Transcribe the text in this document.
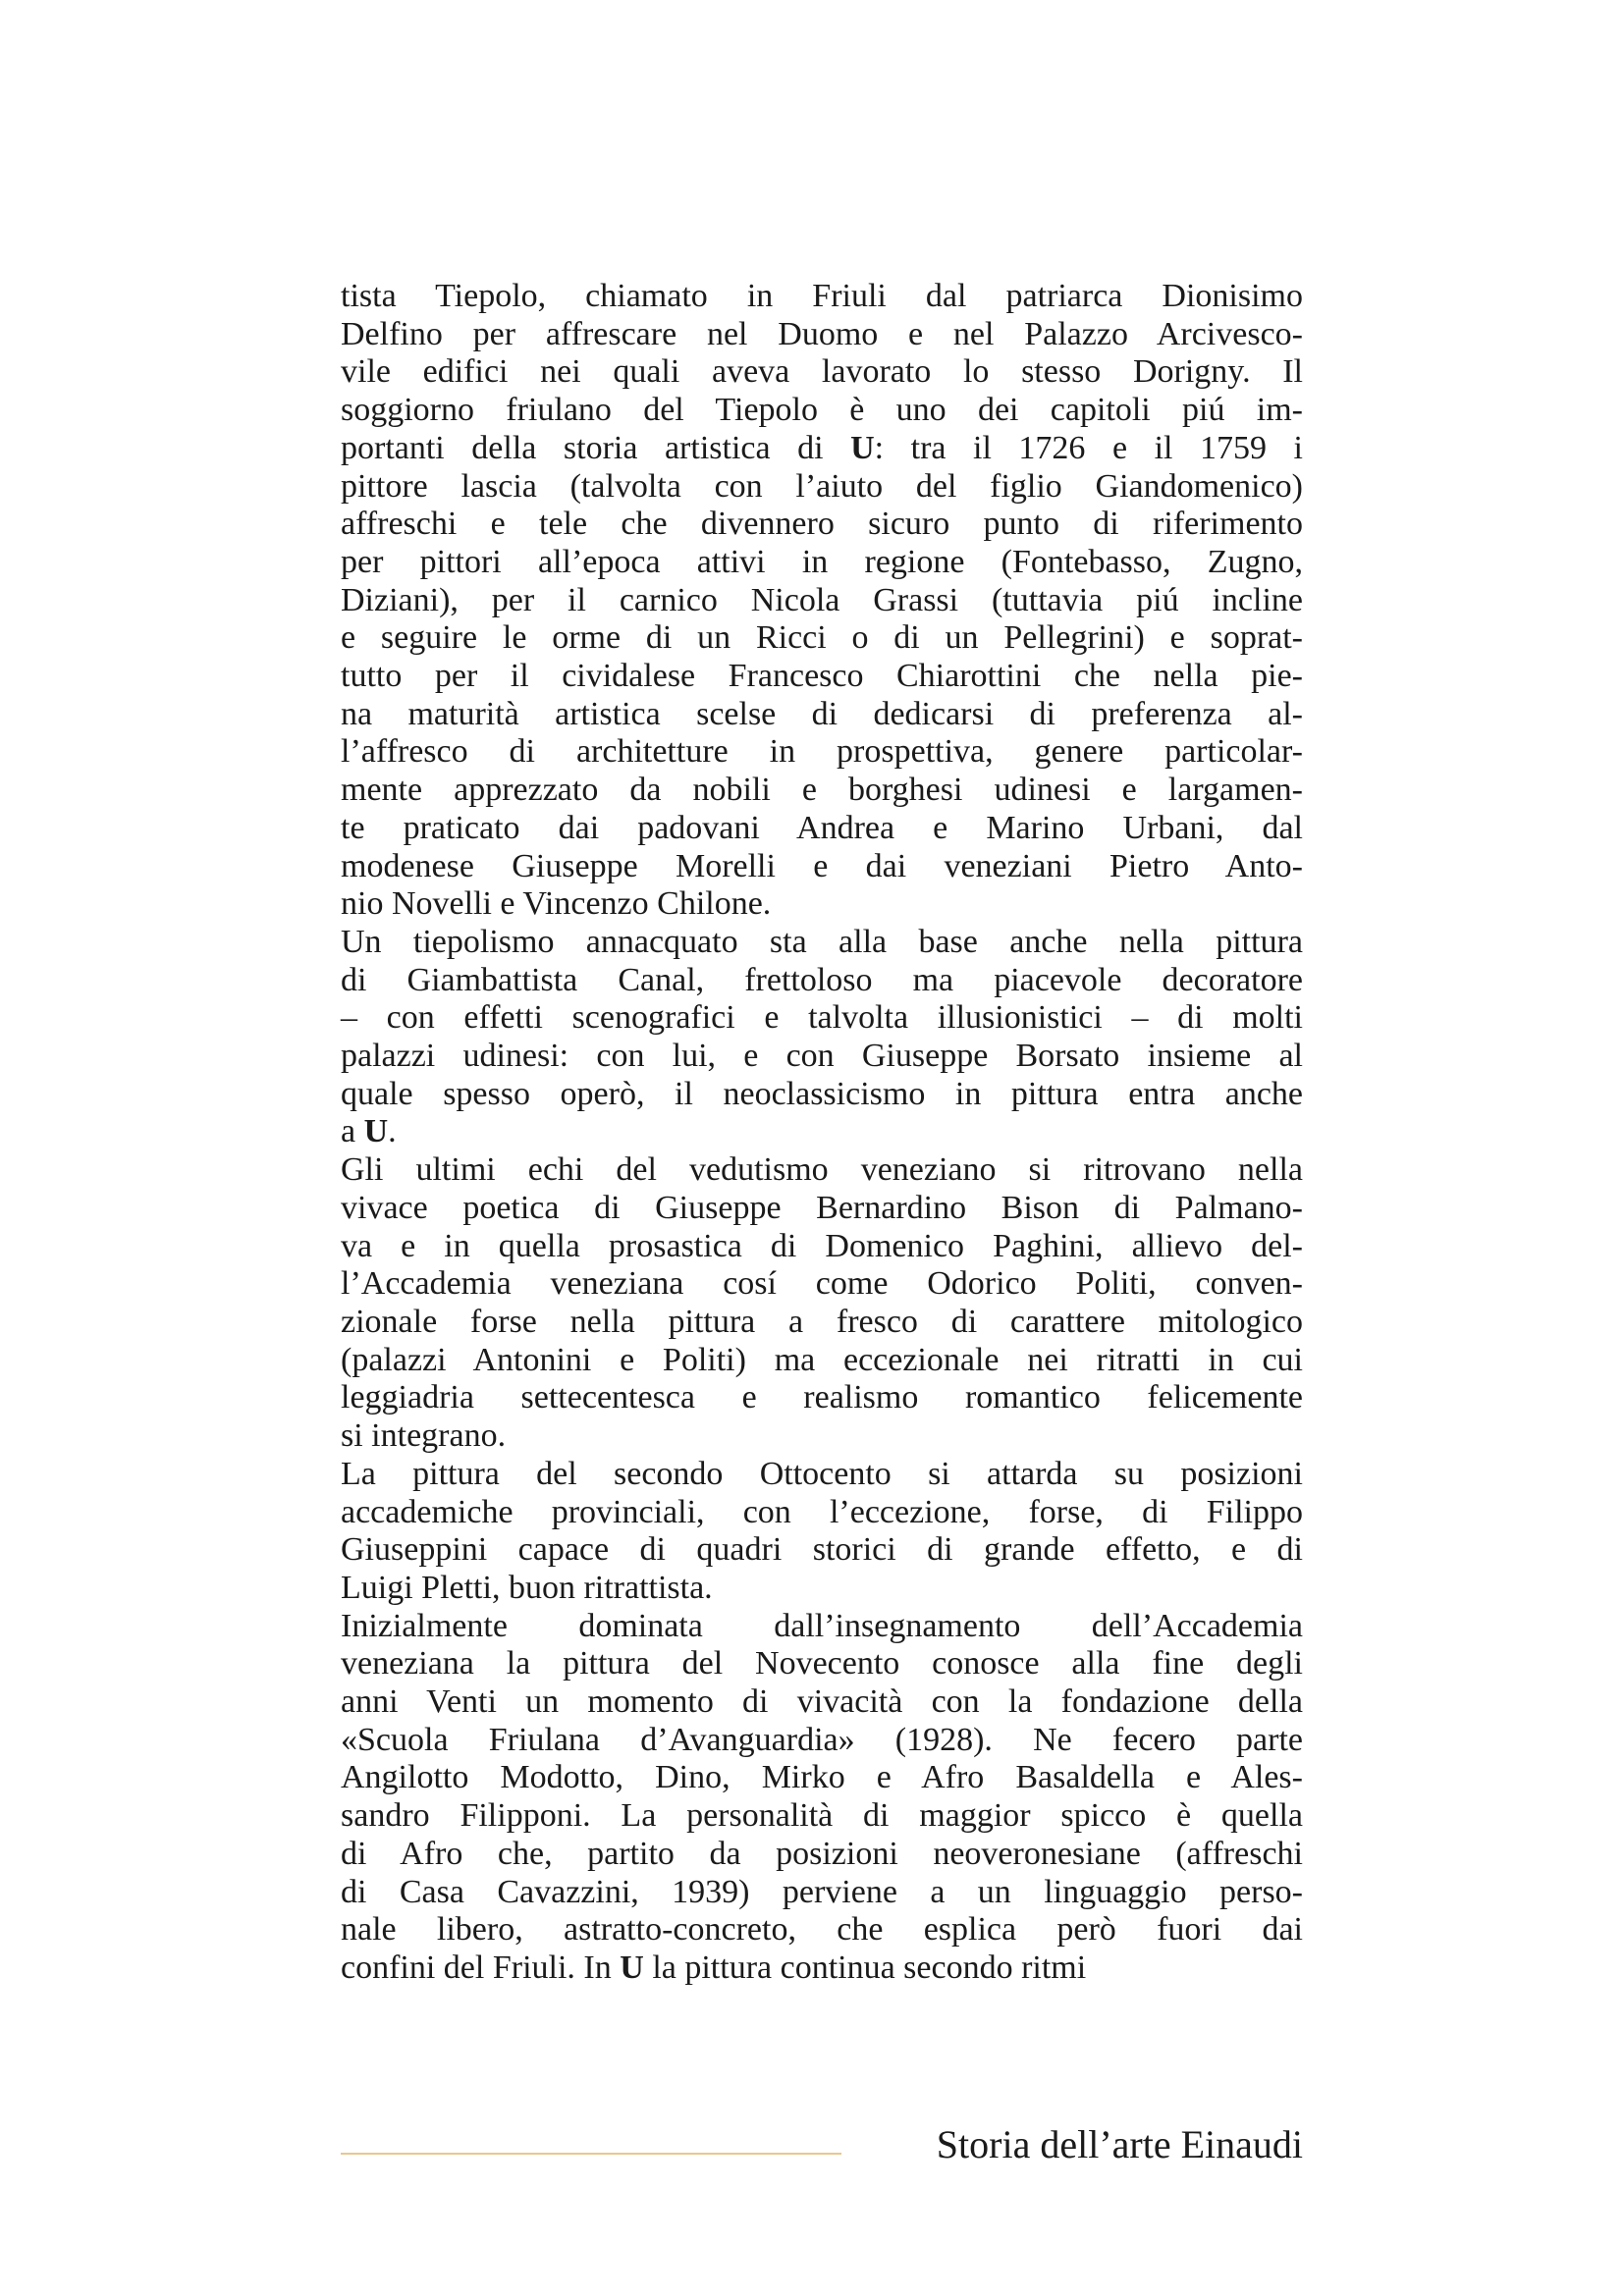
tista Tiepolo, chiamato in Friuli dal patriarca Dionisimo
Delfino per affrescare nel Duomo e nel Palazzo Arcivesco-
vile edifici nei quali aveva lavorato lo stesso Dorigny. Il
soggiorno friulano del Tiepolo è uno dei capitoli piú im-
portanti della storia artistica di U: tra il 1726 e il 1759 i
pittore lascia (talvolta con l’aiuto del figlio Giandomenico)
affreschi e tele che divennero sicuro punto di riferimento
per pittori all’epoca attivi in regione (Fontebasso, Zugno,
Diziani), per il carnico Nicola Grassi (tuttavia piú incline
e seguire le orme di un Ricci o di un Pellegrini) e soprat-
tutto per il cividalese Francesco Chiarottini che nella pie-
na maturità artistica scelse di dedicarsi di preferenza al-
l’affresco di architetture in prospettiva, genere particolar-
mente apprezzato da nobili e borghesi udinesi e largamen-
te praticato dai padovani Andrea e Marino Urbani, dal
modenese Giuseppe Morelli e dai veneziani Pietro Anto-
nio Novelli e Vincenzo Chilone.
Un tiepolismo annacquato sta alla base anche nella pittura
di Giambattista Canal, frettoloso ma piacevole decoratore
– con effetti scenografici e talvolta illusionistici – di molti
palazzi udinesi: con lui, e con Giuseppe Borsato insieme al
quale spesso operò, il neoclassicismo in pittura entra anche
a U.
Gli ultimi echi del vedutismo veneziano si ritrovano nella
vivace poetica di Giuseppe Bernardino Bison di Palmano-
va e in quella prosastica di Domenico Paghini, allievo del-
l’Accademia veneziana cosí come Odorico Politi, conven-
zionale forse nella pittura a fresco di carattere mitologico
(palazzi Antonini e Politi) ma eccezionale nei ritratti in cui
leggiadria settecentesca e realismo romantico felicemente
si integrano.
La pittura del secondo Ottocento si attarda su posizioni
accademiche provinciali, con l’eccezione, forse, di Filippo
Giuseppini capace di quadri storici di grande effetto, e di
Luigi Pletti, buon ritrattista.
Inizialmente dominata dall’insegnamento dell’Accademia
veneziana la pittura del Novecento conosce alla fine degli
anni Venti un momento di vivacità con la fondazione della
«Scuola Friulana d’Avanguardia» (1928). Ne fecero parte
Angilotto Modotto, Dino, Mirko e Afro Basaldella e Ales-
sandro Filipponi. La personalità di maggior spicco è quella
di Afro che, partito da posizioni neoveronesiane (affreschi
di Casa Cavazzini, 1939) perviene a un linguaggio perso-
nale libero, astratto-concreto, che esplica però fuori dai
confini del Friuli. In U la pittura continua secondo ritmi
Storia dell’arte Einaudi
